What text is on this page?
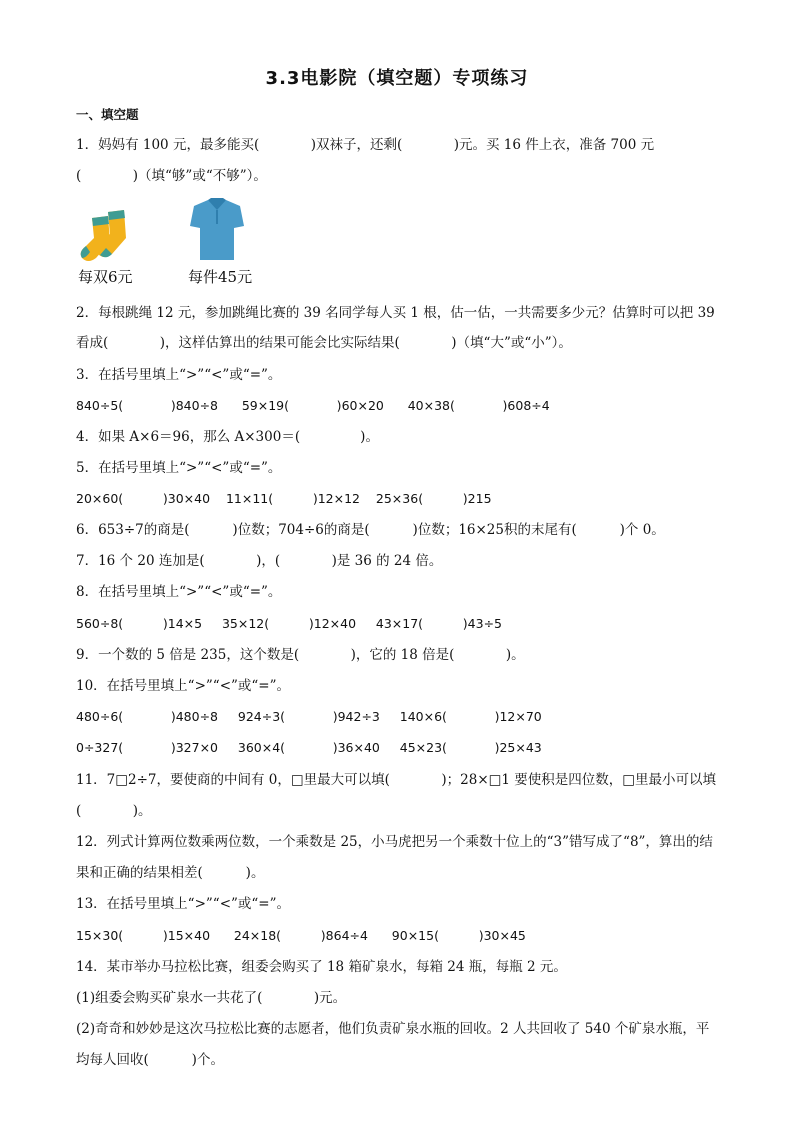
3.3电影院（填空题）专项练习
一、填空题
1．妈妈有 100 元，最多能买(            )双袜子，还剩(            )元。买 16 件上衣，准备 700 元
(            )（填“够”或“不够”）。
每双6元	每件45元
2．每根跳绳 12 元，参加跳绳比赛的 39 名同学每人买 1 根，估一估，一共需要多少元？估算时可以把 39
看成(            )，这样估算出的结果可能会比实际结果(            )（填“大”或“小”）。
3．在括号里填上“>”“<”或“=”。
840÷5(            )840÷8      59×19(            )60×20      40×38(            )608÷4
4．如果 A×6＝96，那么 A×300＝(              )。
5．在括号里填上“>”“<”或“=”。
20×60(          )30×40    11×11(          )12×12    25×36(          )215
6．653÷7的商是(          )位数；704÷6的商是(          )位数；16×25积的末尾有(          )个 0。
7．16 个 20 连加是(            )，(            )是 36 的 24 倍。
8．在括号里填上“>”“<”或“=”。
560÷8(          )14×5     35×12(          )12×40     43×17(          )43÷5
9．一个数的 5 倍是 235，这个数是(            )，它的 18 倍是(            )。
10．在括号里填上“>”“<”或“=”。
480÷6(            )480÷8     924÷3(            )942÷3     140×6(            )12×70
0÷327(            )327×0     360×4(            )36×40     45×23(            )25×43
11．7□2÷7，要使商的中间有 0，□里最大可以填(            )；28×□1 要使积是四位数，□里最小可以填
(            )。
12．列式计算两位数乘两位数，一个乘数是 25，小马虎把另一个乘数十位上的“3”错写成了“8”，算出的结
果和正确的结果相差(          )。
13．在括号里填上“>”“<”或“=”。
15×30(          )15×40      24×18(          )864÷4      90×15(          )30×45
14．某市举办马拉松比赛，组委会购买了 18 箱矿泉水，每箱 24 瓶，每瓶 2 元。
(1)组委会购买矿泉水一共花了(            )元。
(2)奇奇和妙妙是这次马拉松比赛的志愿者，他们负责矿泉水瓶的回收。2 人共回收了 540 个矿泉水瓶，平
均每人回收(          )个。
